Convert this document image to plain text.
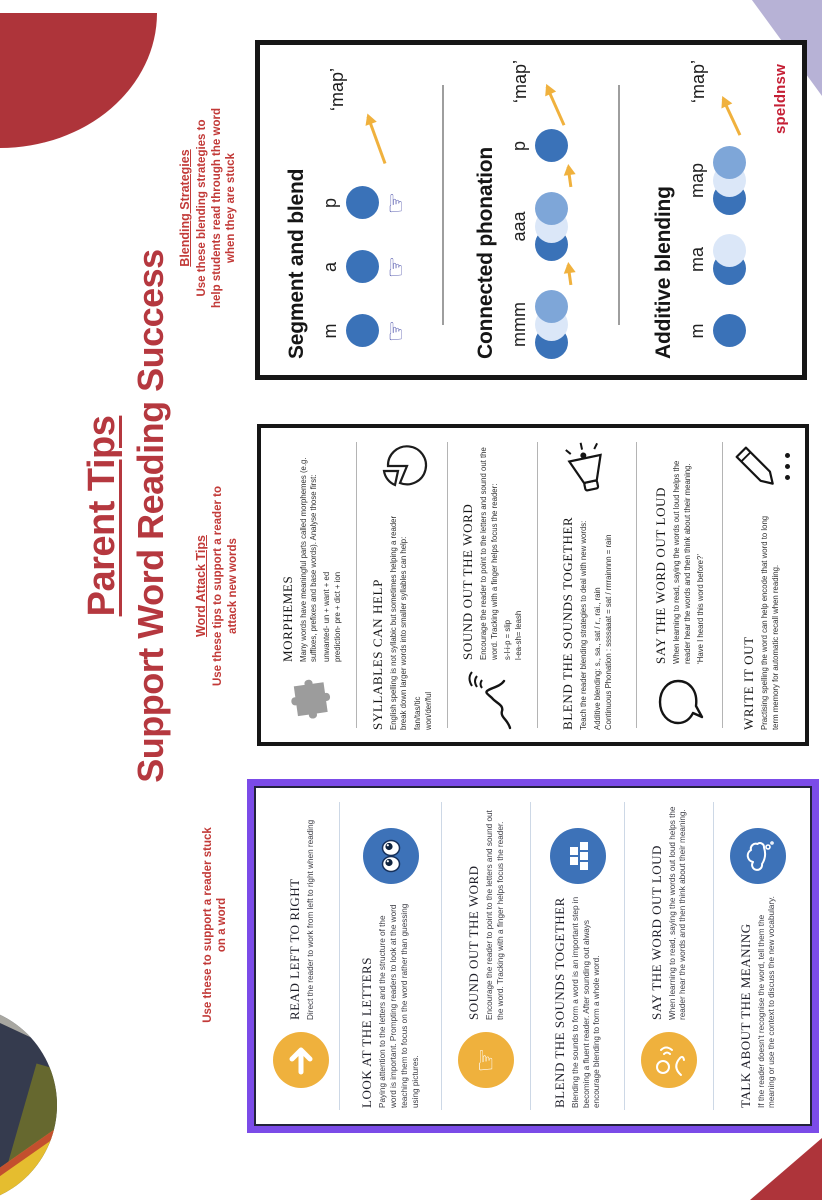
Parent Tips Support Word Reading Success
Blending Strategies Use these blending strategies to help students read through the word when they are stuck
Word Attack Tips Use these tips to support a reader to attack new words
Use these to support a reader stuck on a word
Segment and blend m ☞
a ☞
p ☞
‘map’
Connected phonation mmm
aaa
p
‘map’
Additive blending m
ma
map
‘map’	speldnsw
MORPHEMES Many words have meaningful parts called morphemes (e.g. suffixes, prefixes and base words). Analyse those first: unwanted- un + want + ed prediction- pre + dict + ion SYLLABLES CAN HELP English spelling is not syllabic but sometimes helping a reader break down larger words into smaller syllables can help: fan/tas/tic won/der/ful
SOUND OUT THE WORD Encourage the reader to point to the letters and sound out the word. Tracking with a finger helps focus the reader: s-l-i-p = slip l-ea-sh= leash	BLEND THE SOUNDS TOGETHER Teach the reader blending strategies to deal with new words: Additive blending: s., sa., sat / r., rai., rain Continuous Phonation : ssssaaat = sat / rrrrainnnn = rain	SAY THE WORD OUT LOUD When learning to read, saying the words out loud helps the reader hear the words and then think about their meaning. ‘Have I heard this word before?’
WRITE IT OUT Practising spelling the word can help encode that word to long term memory for automatic recall when reading.
READ LEFT TO RIGHT Direct the reader to work from left to right when reading
LOOK AT THE LETTERS Paying attention to the letters and the structure of the word is important. Prompting readers to look at the word teaching them to focus on the word rather than guessing using pictures. ☞
SOUND OUT THE WORD Encourage the reader to point to the letters and sound out the word. Tracking with a finger helps focus the reader.	BLEND THE SOUNDS TOGETHER Blending the sounds to form a word is an important step in becoming a fluent reader. After sounding out always encourage blending to form a whole word.
SAY THE WORD OUT LOUD When learning to read, saying the words out loud helps the reader hear the words and then think about their meaning.	TALK ABOUT THE MEANING If the reader doesn't recognise the word, tell them the meaning or use the context to discuss the new vocabulary.
